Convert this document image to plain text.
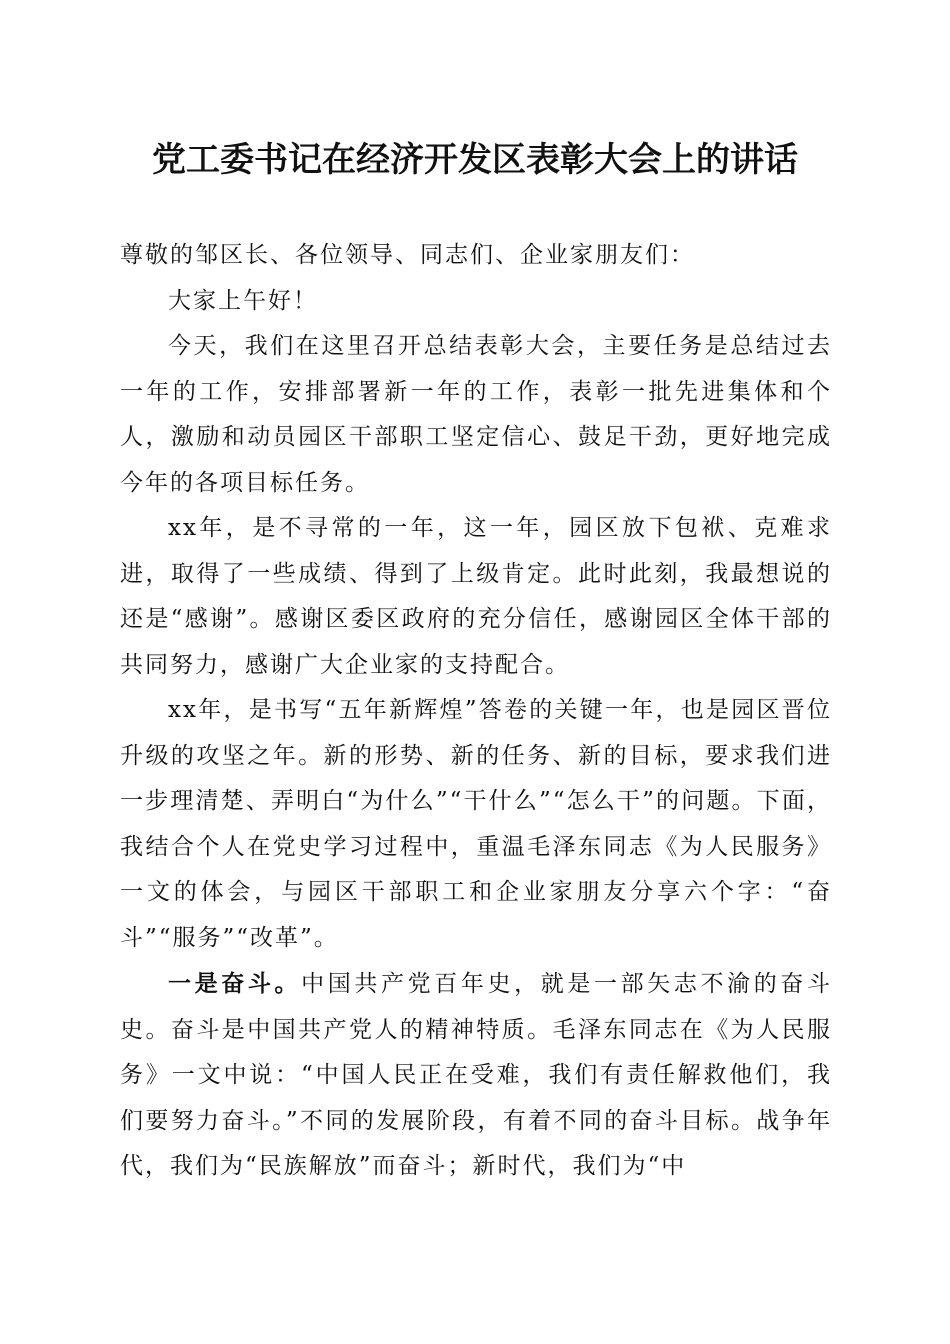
党工委书记在经济开发区表彰大会上的讲话

尊敬的邹区长、各位领导、同志们、企业家朋友们：

大家上午好！

今天，我们在这里召开总结表彰大会，主要任务是总结过去一年的工作，安排部署新一年的工作，表彰一批先进集体和个人，激励和动员园区干部职工坚定信心、鼓足干劲，更好地完成今年的各项目标任务。

xx年，是不寻常的一年，这一年，园区放下包袱、克难求进，取得了一些成绩、得到了上级肯定。此时此刻，我最想说的还是“感谢”。感谢区委区政府的充分信任，感谢园区全体干部的共同努力，感谢广大企业家的支持配合。

xx年，是书写“五年新辉煌”答卷的关键一年，也是园区晋位升级的攻坚之年。新的形势、新的任务、新的目标，要求我们进一步理清楚、弄明白“为什么”“干什么”“怎么干”的问题。下面，我结合个人在党史学习过程中，重温毛泽东同志《为人民服务》一文的体会，与园区干部职工和企业家朋友分享六个字：“奋斗”“服务”“改革”。

一是奋斗。中国共产党百年史，就是一部矢志不渝的奋斗史。奋斗是中国共产党人的精神特质。毛泽东同志在《为人民服务》一文中说：“中国人民正在受难，我们有责任解救他们，我们要努力奋斗。”不同的发展阶段，有着不同的奋斗目标。战争年代，我们为“民族解放”而奋斗；新时代，我们为“中
